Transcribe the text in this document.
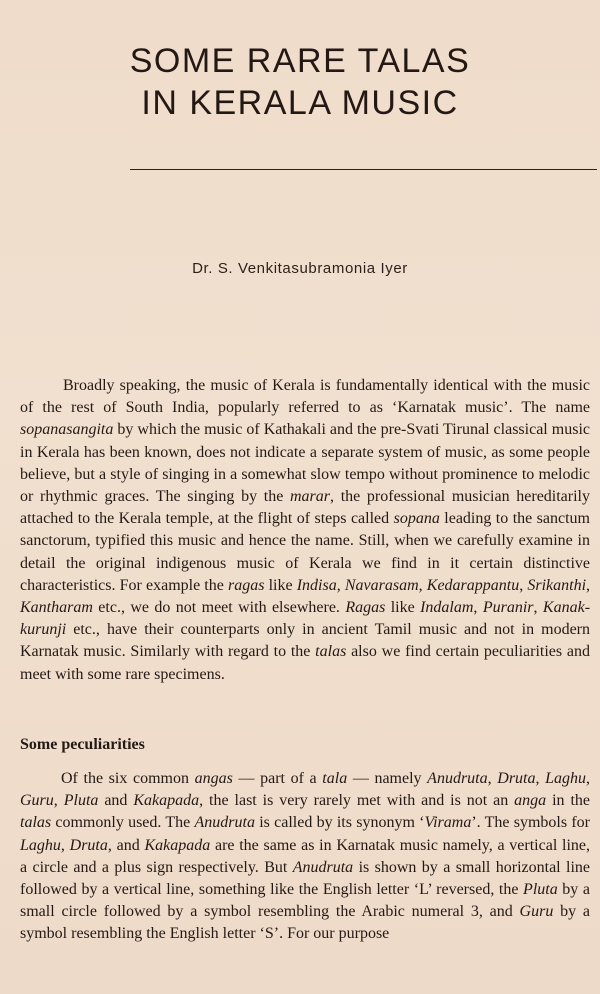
SOME RARE TALAS
IN KERALA MUSIC
Dr. S. Venkitasubramonia Iyer

Broadly speaking, the music of Kerala is fundamentally identical with the music of the rest of South India, popularly referred to as ‘Karnatak music’. The name sopanasangita by which the music of Kathakali and the pre-Svati Tirunal classical music in Kerala has been known, does not indicate a separate system of music, as some people believe, but a style of singing in a somewhat slow tempo without prominence to melodic or rhythmic graces. The singing by the marar, the professional musician hereditarily attached to the Kerala temple, at the flight of steps called sopana leading to the sanctum sanctorum, typified this music and hence the name. Still, when we carefully examine in detail the original indigenous music of Kerala we find in it certain distinctive characteristics. For example the ragas like Indisa, Navarasam, Kedarappantu, Srikanthi, Kantharam etc., we do not meet with elsewhere. Ragas like Indalam, Puranir, Kanakkurunji etc., have their counterparts only in ancient Tamil music and not in modern Karnatak music. Similarly with regard to the talas also we find certain peculiarities and meet with some rare specimens.

Some peculiarities

Of the six common angas — part of a tala — namely Anudruta, Druta, Laghu, Guru, Pluta and Kakapada, the last is very rarely met with and is not an anga in the talas commonly used. The Anudruta is called by its synonym ‘Virama’. The symbols for Laghu, Druta, and Kakapada are the same as in Karnatak music namely, a vertical line, a circle and a plus sign respectively. But Anudruta is shown by a small horizontal line followed by a vertical line, something like the English letter ‘L’ reversed, the Pluta by a small circle followed by a symbol resembling the Arabic numeral 3, and Guru by a symbol resembling the English letter ‘S’. For our purpose
